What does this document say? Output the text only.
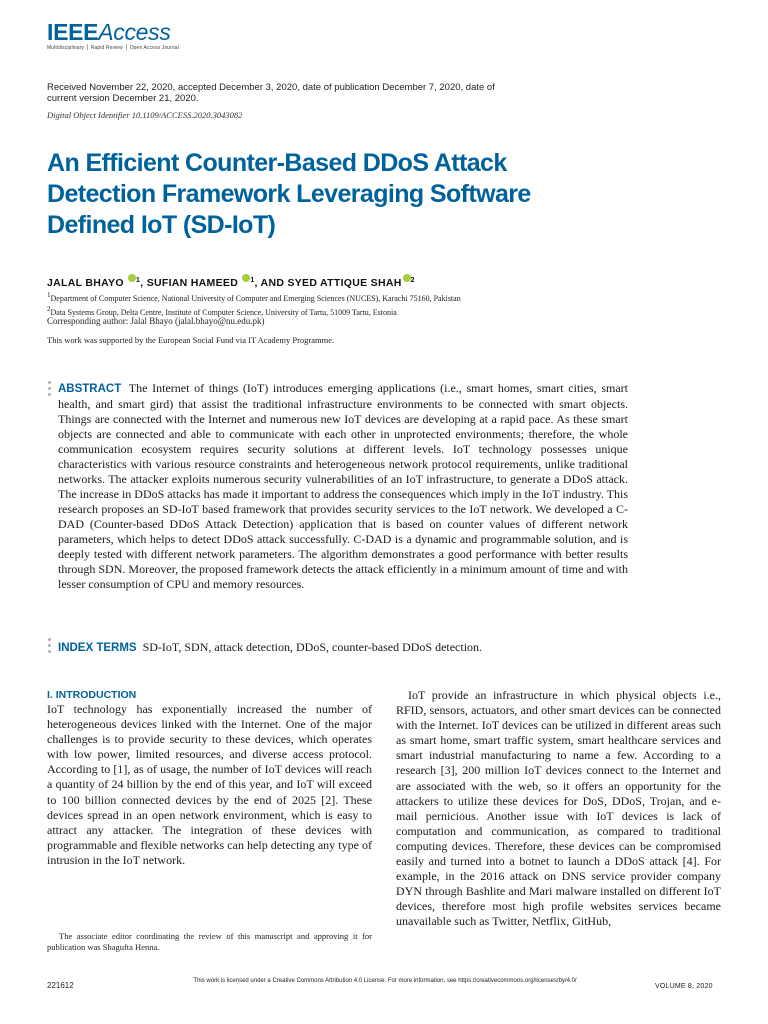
IEEEAccess
Multidisciplinary ⎪ Rapid Review ⎪ Open Access Journal
Received November 22, 2020, accepted December 3, 2020, date of publication December 7, 2020, date of current version December 21, 2020.
Digital Object Identifier 10.1109/ACCESS.2020.3043082
An Efficient Counter-Based DDoS Attack Detection Framework Leveraging Software Defined IoT (SD-IoT)
JALAL BHAYO $^1$, SUFIAN HAMEED $^1$, AND SYED ATTIQUE SHAH $^2$
1Department of Computer Science, National University of Computer and Emerging Sciences (NUCES), Karachi 75160, Pakistan
2Data Systems Group, Delta Centre, Institute of Computer Science, University of Tartu, 51009 Tartu, Estonia
Corresponding author: Jalal Bhayo (jalal.bhayo@nu.edu.pk)
This work was supported by the European Social Fund via IT Academy Programme.
ABSTRACT The Internet of things (IoT) introduces emerging applications (i.e., smart homes, smart cities, smart health, and smart gird) that assist the traditional infrastructure environments to be connected with smart objects. Things are connected with the Internet and numerous new IoT devices are developing at a rapid pace. As these smart objects are connected and able to communicate with each other in unprotected environments; therefore, the whole communication ecosystem requires security solutions at different levels. IoT technology possesses unique characteristics with various resource constraints and heterogeneous network protocol requirements, unlike traditional networks. The attacker exploits numerous security vulnerabilities of an IoT infrastructure, to generate a DDoS attack. The increase in DDoS attacks has made it important to address the consequences which imply in the IoT industry. This research proposes an SD-IoT based framework that provides security services to the IoT network. We developed a C-DAD (Counter-based DDoS Attack Detection) application that is based on counter values of different network parameters, which helps to detect DDoS attack successfully. C-DAD is a dynamic and programmable solution, and is deeply tested with different network parameters. The algorithm demonstrates a good performance with better results through SDN. Moreover, the proposed framework detects the attack efficiently in a minimum amount of time and with lesser consumption of CPU and memory resources.
INDEX TERMS SD-IoT, SDN, attack detection, DDoS, counter-based DDoS detection.
I. INTRODUCTION

IoT technology has exponentially increased the number of heterogeneous devices linked with the Internet. One of the major challenges is to provide security to these devices, which operates with low power, limited resources, and diverse access protocol. According to [1], as of usage, the number of IoT devices will reach a quantity of 24 billion by the end of this year, and IoT will exceed to 100 billion connected devices by the end of 2025 [2]. These devices spread in an open network environment, which is easy to attract any attacker. The integration of these devices with programmable and flexible networks can help detecting any type of intrusion in the IoT network.

IoT provide an infrastructure in which physical objects i.e., RFID, sensors, actuators, and other smart devices can be connected with the Internet. IoT devices can be utilized in different areas such as smart home, smart traffic system, smart healthcare services and smart industrial manufacturing to name a few. According to a research [3], 200 million IoT devices connect to the Internet and are associated with the web, so it offers an opportunity for the attackers to utilize these devices for DoS, DDoS, Trojan, and e-mail pernicious. Another issue with IoT devices is lack of computation and communication, as compared to traditional computing devices. Therefore, these devices can be compromised easily and turned into a botnet to launch a DDoS attack [4]. For example, in the 2016 attack on DNS service provider company DYN through Bashlite and Mari malware installed on different IoT devices, therefore most high profile websites services became unavailable such as Twitter, Netflix, GitHub,

The associate editor coordinating the review of this manuscript and approving it for publication was Shagufta Henna.
221612	This work is licensed under a Creative Commons Attribution 4.0 License. For more information, see https://creativecommons.org/licenses/by/4.0/
VOLUME 8, 2020
